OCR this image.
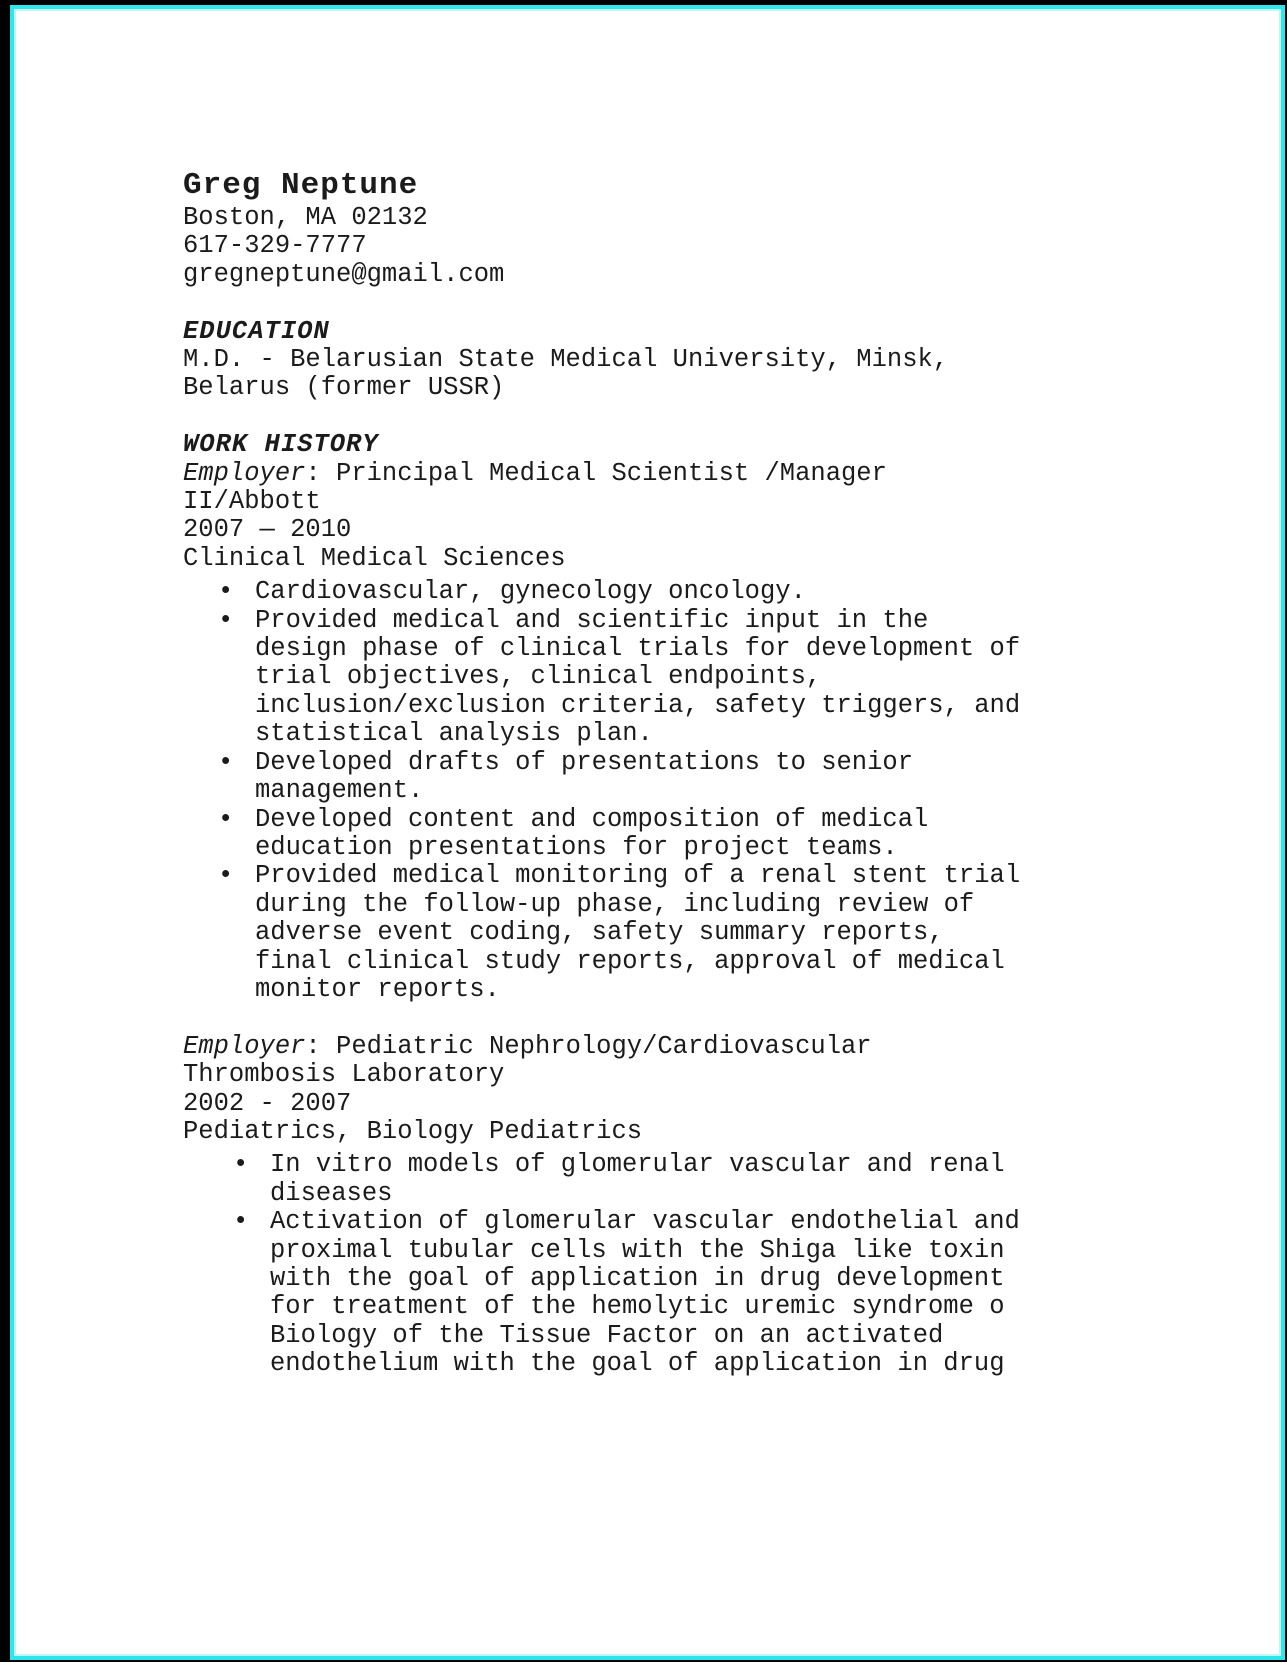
Greg Neptune

Boston, MA 02132

617-329-7777

gregneptune@gmail.com

EDUCATION

M.D. - Belarusian State Medical University, Minsk, Belarus (former USSR)

WORK HISTORY

Employer: Principal Medical Scientist /Manager II/Abbott

2007 — 2010

Clinical Medical Sciences

• Cardiovascular, gynecology oncology.
• Provided medical and scientific input in the design phase of clinical trials for development of trial objectives, clinical endpoints, inclusion/exclusion criteria, safety triggers, and statistical analysis plan.
• Developed drafts of presentations to senior management.
• Developed content and composition of medical education presentations for project teams.
• Provided medical monitoring of a renal stent trial during the follow-up phase, including review of adverse event coding, safety summary reports, final clinical study reports, approval of medical monitor reports.

Employer: Pediatric Nephrology/Cardiovascular Thrombosis Laboratory

2002 - 2007

Pediatrics, Biology Pediatrics

• In vitro models of glomerular vascular and renal diseases
• Activation of glomerular vascular endothelial and proximal tubular cells with the Shiga like toxin with the goal of application in drug development for treatment of the hemolytic uremic syndrome o Biology of the Tissue Factor on an activated endothelium with the goal of application in drug
